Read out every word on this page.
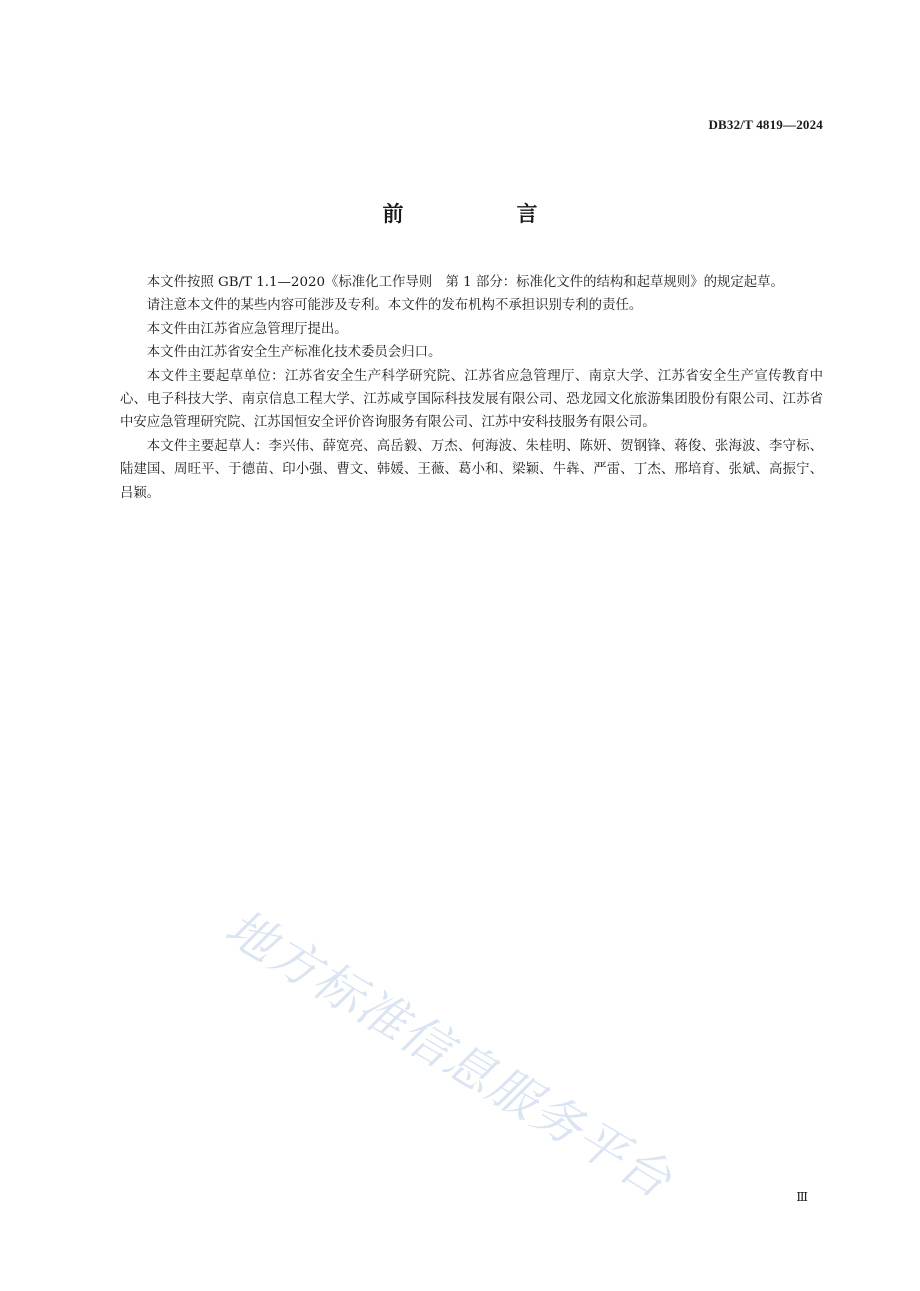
DB32/T 4819—2024
前　言

本文件按照 GB/T 1.1—2020《标准化工作导则　第 1 部分：标准化文件的结构和起草规则》的规定起草。

请注意本文件的某些内容可能涉及专利。本文件的发布机构不承担识别专利的责任。

本文件由江苏省应急管理厅提出。

本文件由江苏省安全生产标准化技术委员会归口。

本文件主要起草单位：江苏省安全生产科学研究院、江苏省应急管理厅、南京大学、江苏省安全生产宣传教育中心、电子科技大学、南京信息工程大学、江苏咸亨国际科技发展有限公司、恐龙园文化旅游集团股份有限公司、江苏省中安应急管理研究院、江苏国恒安全评价咨询服务有限公司、江苏中安科技服务有限公司。

本文件主要起草人：李兴伟、薛宽亮、高岳毅、万杰、何海波、朱桂明、陈妍、贺钢锋、蒋俊、张海波、李守标、陆建国、周旺平、于德苗、印小强、曹文、韩媛、王薇、葛小和、梁颖、牛犇、严雷、丁杰、邢培育、张斌、高振宁、吕颖。

地方标准信息服务平台	Ⅲ
